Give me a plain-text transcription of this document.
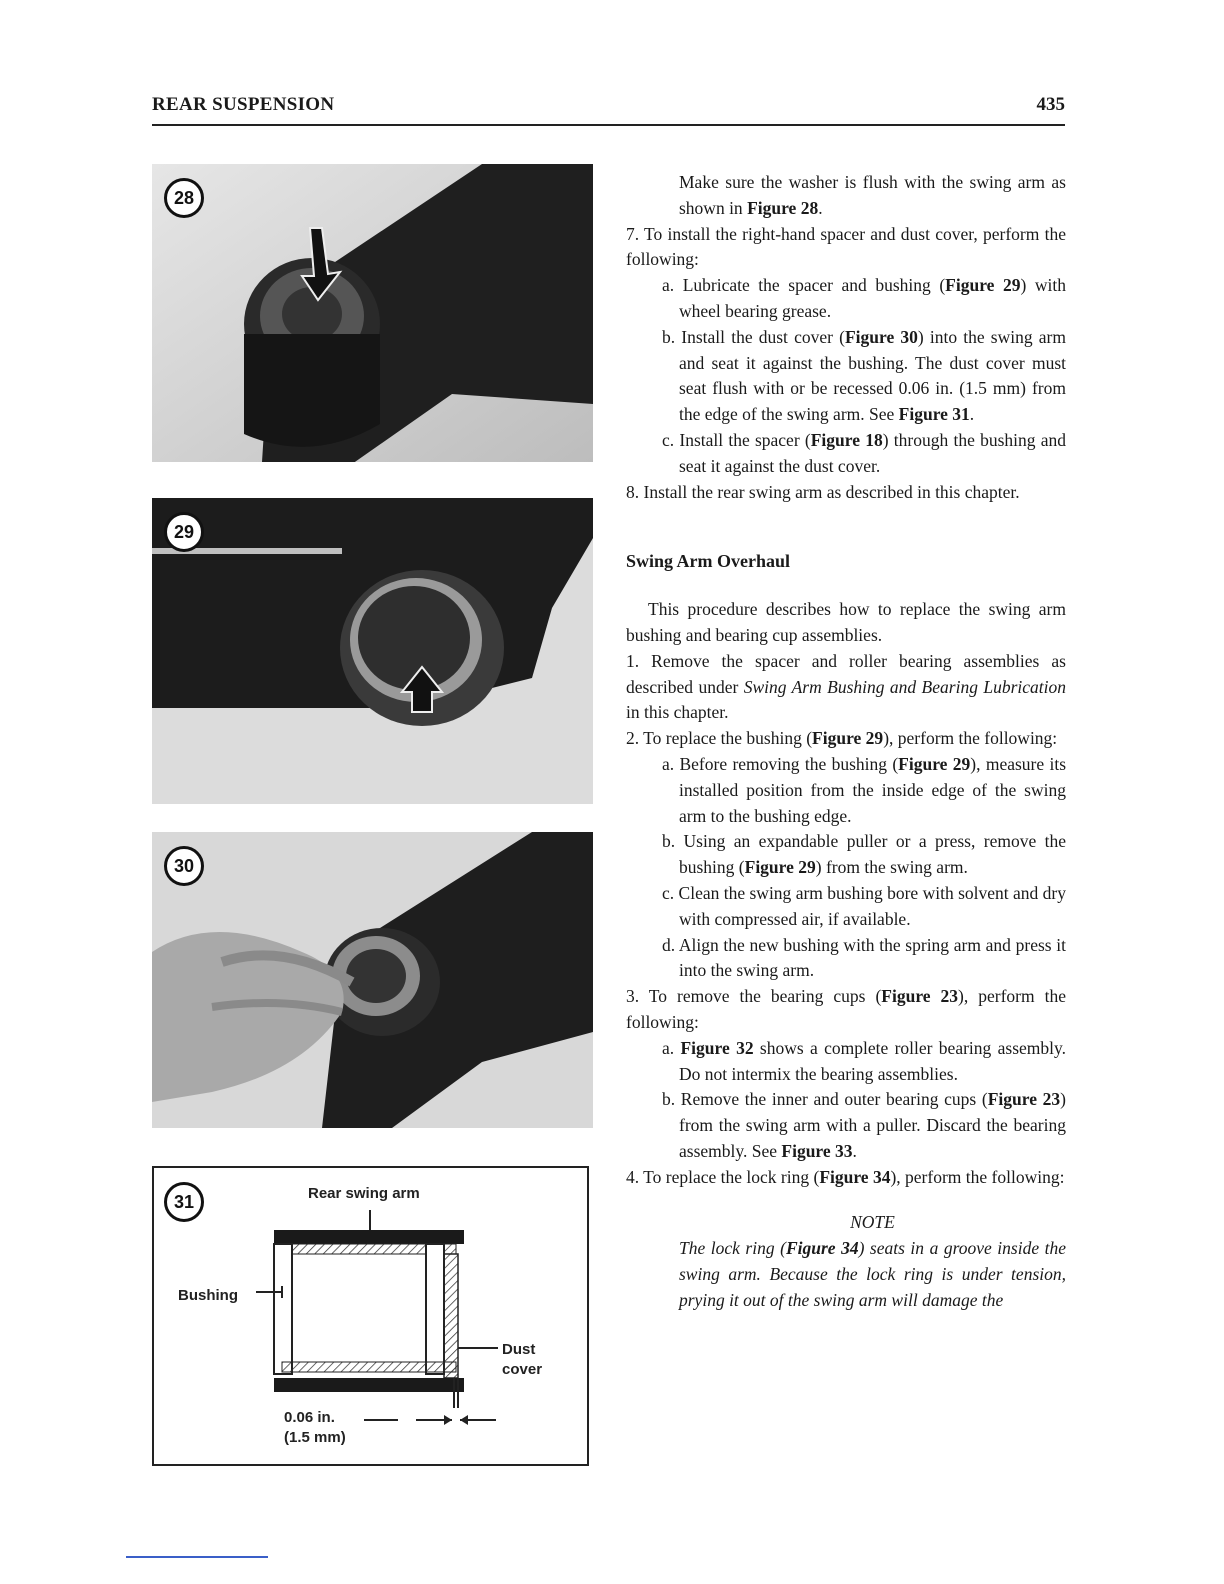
REAR SUSPENSION	435
28
29
30
31	Rear swing arm
Bushing
Dust
cover
0.06 in.
(1.5 mm)

Make sure the washer is flush with the swing arm as shown in Figure 28.

7. To install the right-hand spacer and dust cover, perform the following:

a. Lubricate the spacer and bushing (Figure 29) with wheel bearing grease.

b. Install the dust cover (Figure 30) into the swing arm and seat it against the bushing. The dust cover must seat flush with or be recessed 0.06 in. (1.5 mm) from the edge of the swing arm. See Figure 31.

c. Install the spacer (Figure 18) through the bushing and seat it against the dust cover.

8. Install the rear swing arm as described in this chapter.

Swing Arm Overhaul

This procedure describes how to replace the swing arm bushing and bearing cup assemblies.

1. Remove the spacer and roller bearing assemblies as described under Swing Arm Bushing and Bearing Lubrication in this chapter.

2. To replace the bushing (Figure 29), perform the following:

a. Before removing the bushing (Figure 29), measure its installed position from the inside edge of the swing arm to the bushing edge.

b. Using an expandable puller or a press, remove the bushing (Figure 29) from the swing arm.

c. Clean the swing arm bushing bore with solvent and dry with compressed air, if available.

d. Align the new bushing with the spring arm and press it into the swing arm.

3. To remove the bearing cups (Figure 23), perform the following:

a. Figure 32 shows a complete roller bearing assembly. Do not intermix the bearing assemblies.

b. Remove the inner and outer bearing cups (Figure 23) from the swing arm with a puller. Discard the bearing assembly. See Figure 33.

4. To replace the lock ring (Figure 34), perform the following:

NOTE

The lock ring (Figure 34) seats in a groove inside the swing arm. Because the lock ring is under tension, prying it out of the swing arm will damage the
